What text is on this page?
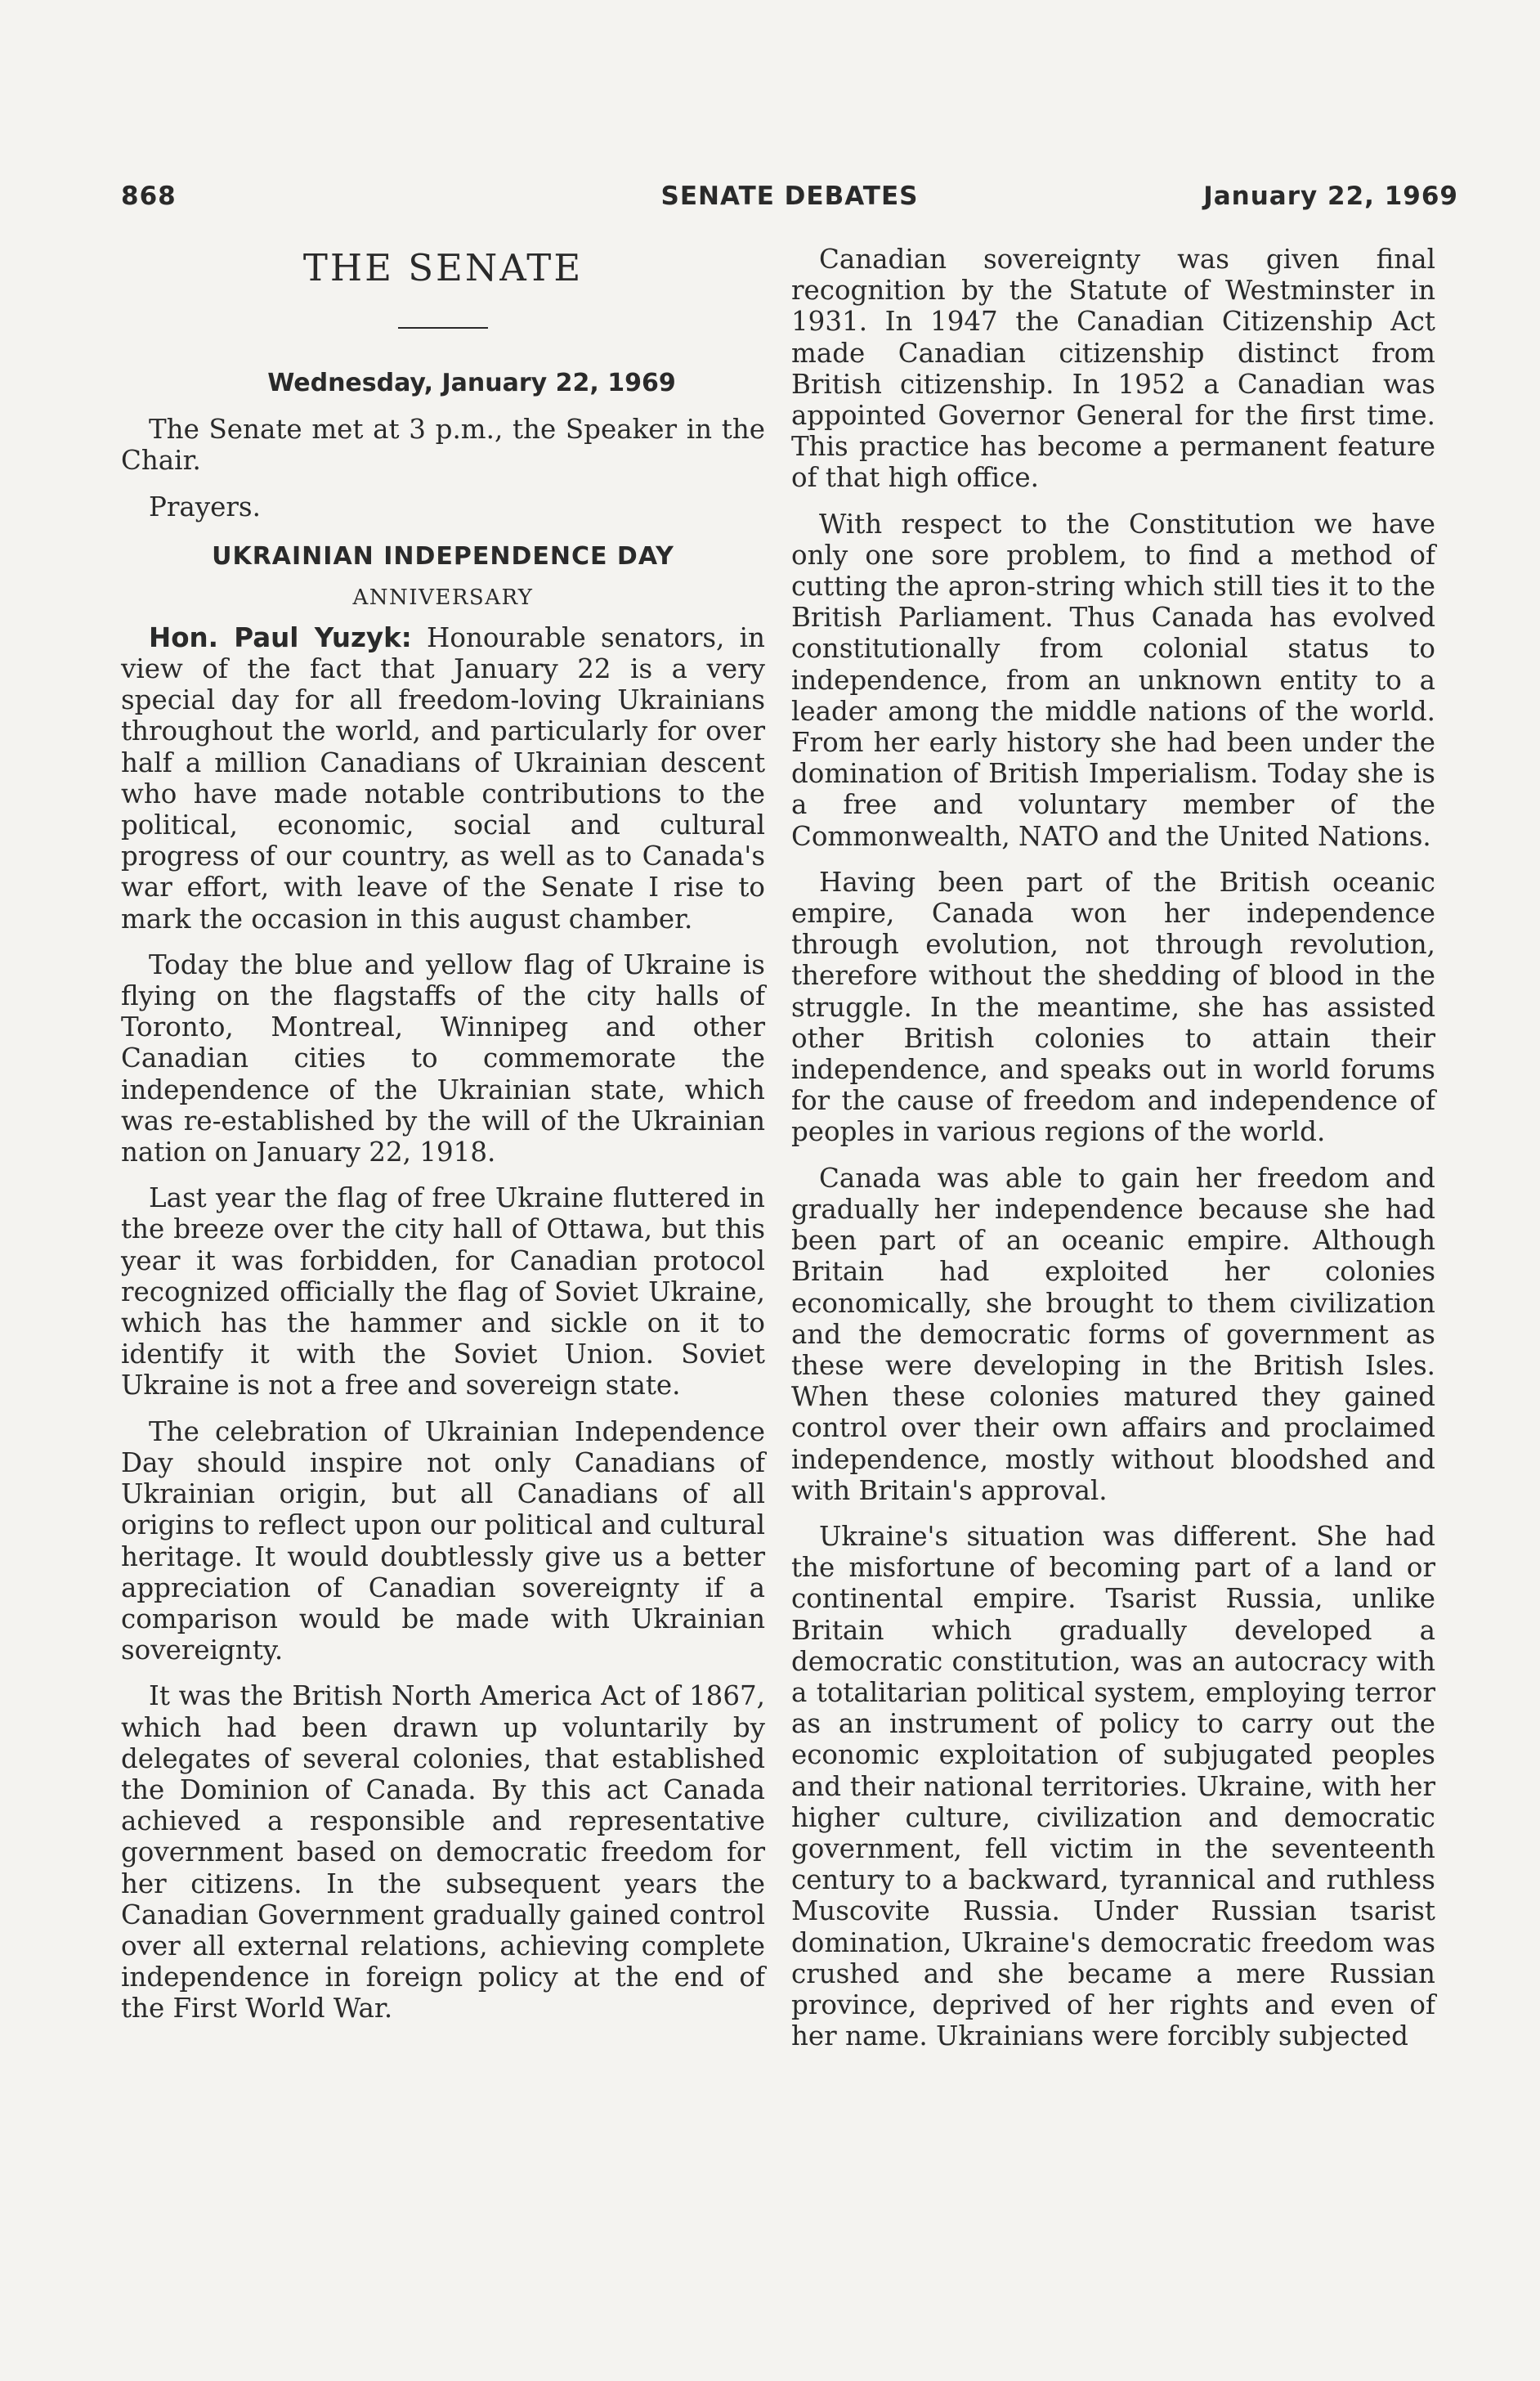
868	SENATE DEBATES	January 22, 1969
THE SENATE
Wednesday, January 22, 1969

The Senate met at 3 p.m., the Speaker in the Chair.

Prayers.

UKRAINIAN INDEPENDENCE DAY
ANNIVERSARY

Hon. Paul Yuzyk: Honourable senators, in view of the fact that January 22 is a very special day for all freedom-loving Ukrainians throughout the world, and particularly for over half a million Canadians of Ukrainian descent who have made notable contributions to the political, economic, social and cultural progress of our country, as well as to Canada's war effort, with leave of the Senate I rise to mark the occasion in this august chamber.

Today the blue and yellow flag of Ukraine is flying on the flagstaffs of the city halls of Toronto, Montreal, Winnipeg and other Canadian cities to commemorate the independence of the Ukrainian state, which was re-established by the will of the Ukrainian nation on January 22, 1918.

Last year the flag of free Ukraine fluttered in the breeze over the city hall of Ottawa, but this year it was forbidden, for Canadian protocol recognized officially the flag of Soviet Ukraine, which has the hammer and sickle on it to identify it with the Soviet Union. Soviet Ukraine is not a free and sovereign state.

The celebration of Ukrainian Independence Day should inspire not only Canadians of Ukrainian origin, but all Canadians of all origins to reflect upon our political and cultural heritage. It would doubtlessly give us a better appreciation of Canadian sovereignty if a comparison would be made with Ukrainian sovereignty.

It was the British North America Act of 1867, which had been drawn up voluntarily by delegates of several colonies, that established the Dominion of Canada. By this act Canada achieved a responsible and representative government based on democratic freedom for her citizens. In the subsequent years the Canadian Government gradually gained control over all external relations, achieving complete independence in foreign policy at the end of the First World War.

Canadian sovereignty was given final recognition by the Statute of Westminster in 1931. In 1947 the Canadian Citizenship Act made Canadian citizenship distinct from British citizenship. In 1952 a Canadian was appointed Governor General for the first time. This practice has become a permanent feature of that high office.

With respect to the Constitution we have only one sore problem, to find a method of cutting the apron-string which still ties it to the British Parliament. Thus Canada has evolved constitutionally from colonial status to independence, from an unknown entity to a leader among the middle nations of the world. From her early history she had been under the domination of British Imperialism. Today she is a free and voluntary member of the Commonwealth, NATO and the United Nations.

Having been part of the British oceanic empire, Canada won her independence through evolution, not through revolution, therefore without the shedding of blood in the struggle. In the meantime, she has assisted other British colonies to attain their independence, and speaks out in world forums for the cause of freedom and independence of peoples in various regions of the world.

Canada was able to gain her freedom and gradually her independence because she had been part of an oceanic empire. Although Britain had exploited her colonies economically, she brought to them civilization and the democratic forms of government as these were developing in the British Isles. When these colonies matured they gained control over their own affairs and proclaimed independence, mostly without bloodshed and with Britain's approval.

Ukraine's situation was different. She had the misfortune of becoming part of a land or continental empire. Tsarist Russia, unlike Britain which gradually developed a democratic constitution, was an autocracy with a totalitarian political system, employing terror as an instrument of policy to carry out the economic exploitation of subjugated peoples and their national territories. Ukraine, with her higher culture, civilization and democratic government, fell victim in the seventeenth century to a backward, tyrannical and ruthless Muscovite Russia. Under Russian tsarist domination, Ukraine's democratic freedom was crushed and she became a mere Russian province, deprived of her rights and even of her name. Ukrainians were forcibly subjected
